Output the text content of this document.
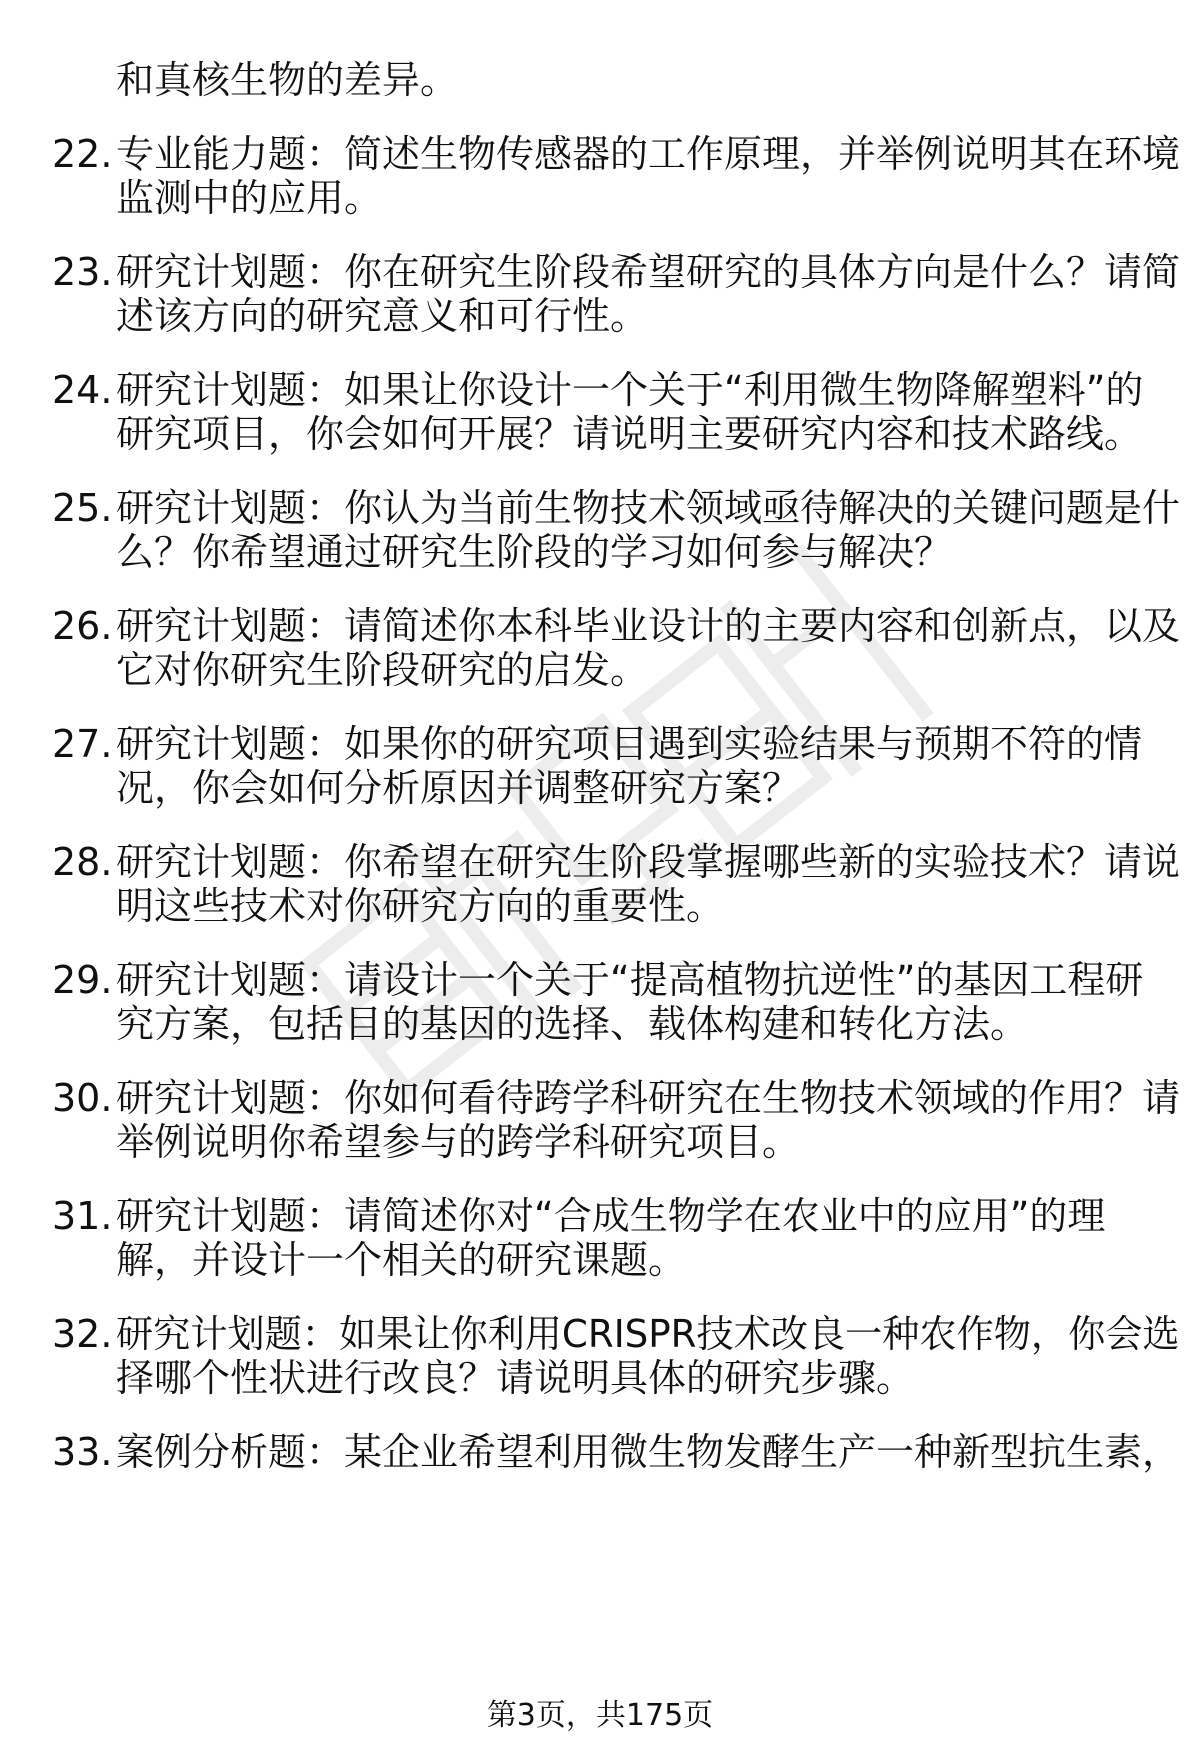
和真核生物的差异。
22. 专业能力题：简述生物传感器的工作原理，并举例说明其在环境
监测中的应用。
23. 研究计划题：你在研究生阶段希望研究的具体方向是什么？请简
述该方向的研究意义和可行性。
24. 研究计划题：如果让你设计一个关于“利用微生物降解塑料”的
研究项目，你会如何开展？请说明主要研究内容和技术路线。
25. 研究计划题：你认为当前生物技术领域亟待解决的关键问题是什
么？你希望通过研究生阶段的学习如何参与解决？
26. 研究计划题：请简述你本科毕业设计的主要内容和创新点，以及
它对你研究生阶段研究的启发。
27. 研究计划题：如果你的研究项目遇到实验结果与预期不符的情
况，你会如何分析原因并调整研究方案？
28. 研究计划题：你希望在研究生阶段掌握哪些新的实验技术？请说
明这些技术对你研究方向的重要性。
29. 研究计划题：请设计一个关于“提高植物抗逆性”的基因工程研
究方案，包括目的基因的选择、载体构建和转化方法。
30. 研究计划题：你如何看待跨学科研究在生物技术领域的作用？请
举例说明你希望参与的跨学科研究项目。
31. 研究计划题：请简述你对“合成生物学在农业中的应用”的理
解，并设计一个相关的研究课题。
32. 研究计划题：如果让你利用CRISPR技术改良一种农作物，你会选
择哪个性状进行改良？请说明具体的研究步骤。
33. 案例分析题：某企业希望利用微生物发酵生产一种新型抗生素，
第3页，共175页
